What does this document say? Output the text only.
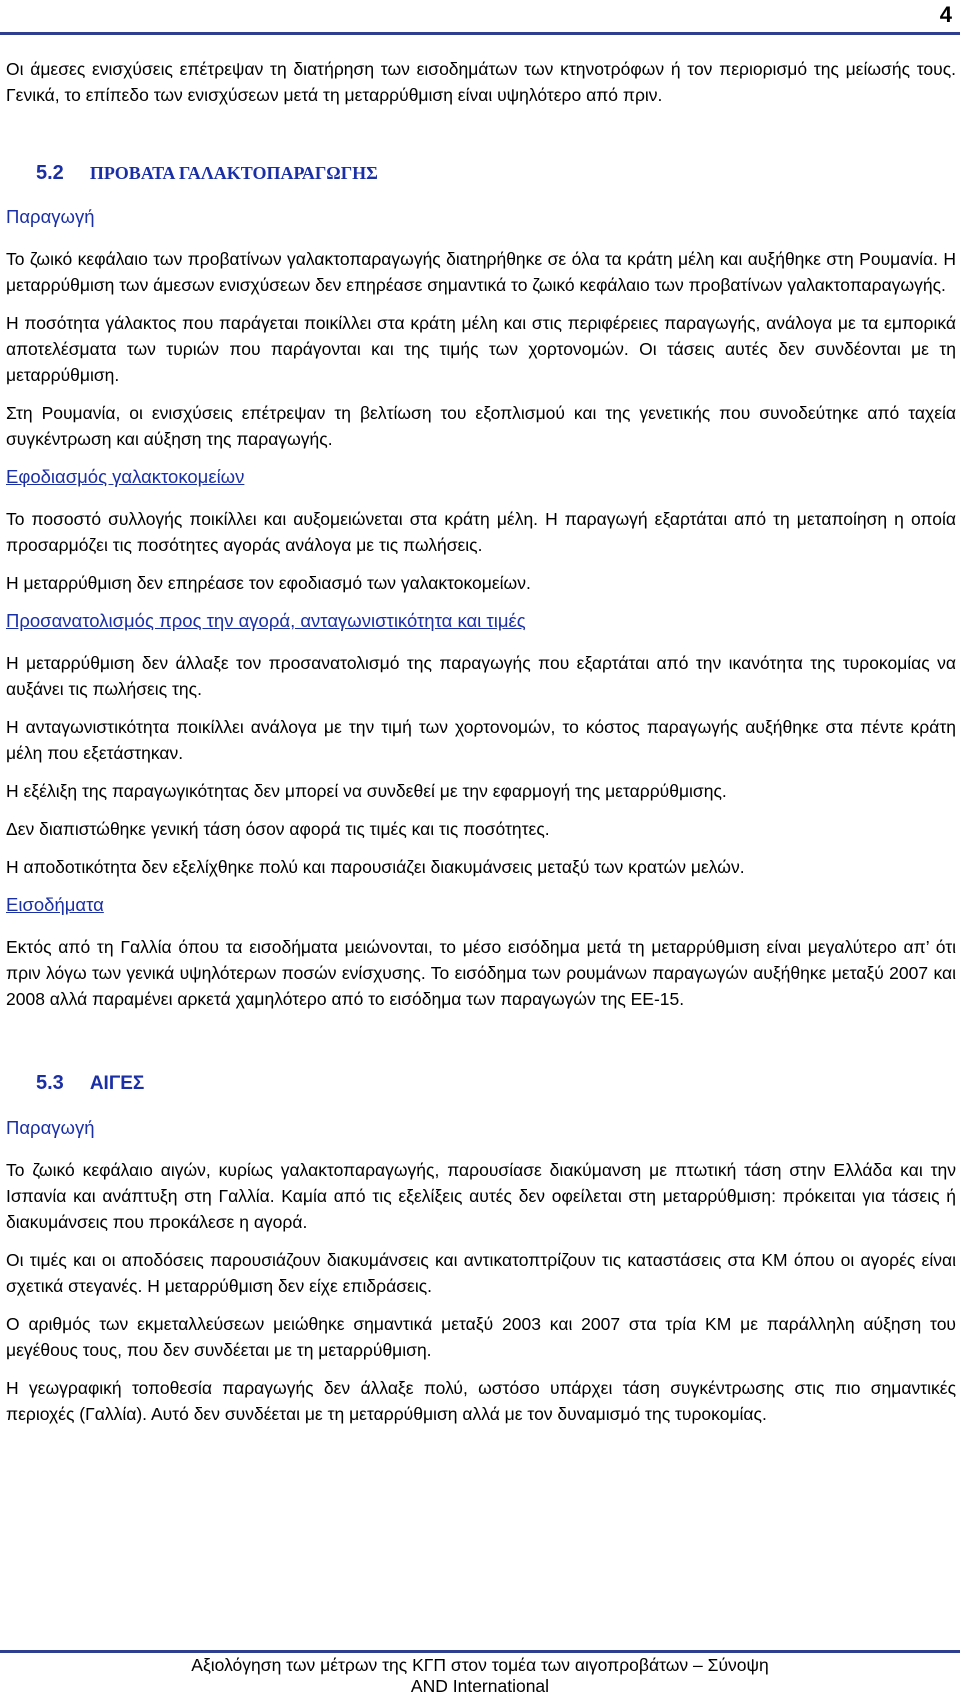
4

Οι άμεσες ενισχύσεις επέτρεψαν τη διατήρηση των εισοδημάτων των κτηνοτρόφων ή τον περιορισμό της μείωσής τους. Γενικά, το επίπεδο των ενισχύσεων μετά τη μεταρρύθμιση είναι υψηλότερο από πριν.

5.2 ΠΡΟΒΑΤΑ ΓΑΛΑΚΤΟΠΑΡΑΓΩΓΗΣ
Παραγωγή

Το ζωικό κεφάλαιο των προβατίνων γαλακτοπαραγωγής διατηρήθηκε σε όλα τα κράτη μέλη και αυξήθηκε στη Ρουμανία. Η μεταρρύθμιση των άμεσων ενισχύσεων δεν επηρέασε σημαντικά το ζωικό κεφάλαιο των προβατίνων γαλακτοπαραγωγής.

Η ποσότητα γάλακτος που παράγεται ποικίλλει στα κράτη μέλη και στις περιφέρειες παραγωγής, ανάλογα με τα εμπορικά αποτελέσματα των τυριών που παράγονται και της τιμής των χορτονομών. Οι τάσεις αυτές δεν συνδέονται με τη μεταρρύθμιση.

Στη Ρουμανία, οι ενισχύσεις επέτρεψαν τη βελτίωση του εξοπλισμού και της γενετικής που συνοδεύτηκε από ταχεία συγκέντρωση και αύξηση της παραγωγής.

Εφοδιασμός γαλακτοκομείων

Το ποσοστό συλλογής ποικίλλει και αυξομειώνεται στα κράτη μέλη. Η παραγωγή εξαρτάται από τη μεταποίηση η οποία προσαρμόζει τις ποσότητες αγοράς ανάλογα με τις πωλήσεις.

Η μεταρρύθμιση δεν επηρέασε τον εφοδιασμό των γαλακτοκομείων.

Προσανατολισμός προς την αγορά, ανταγωνιστικότητα και τιμές

Η μεταρρύθμιση δεν άλλαξε τον προσανατολισμό της παραγωγής που εξαρτάται από την ικανότητα της τυροκομίας να αυξάνει τις πωλήσεις της.

Η ανταγωνιστικότητα ποικίλλει ανάλογα με την τιμή των χορτονομών, το κόστος παραγωγής αυξήθηκε στα πέντε κράτη μέλη που εξετάστηκαν.

Η εξέλιξη της παραγωγικότητας δεν μπορεί να συνδεθεί με την εφαρμογή της μεταρρύθμισης.

Δεν διαπιστώθηκε γενική τάση όσον αφορά τις τιμές και τις ποσότητες.

Η αποδοτικότητα δεν εξελίχθηκε πολύ και παρουσιάζει διακυμάνσεις μεταξύ των κρατών μελών.

Εισοδήματα

Εκτός από τη Γαλλία όπου τα εισοδήματα μειώνονται, το μέσο εισόδημα μετά τη μεταρρύθμιση είναι μεγαλύτερο απ’ ότι πριν λόγω των γενικά υψηλότερων ποσών ενίσχυσης. Το εισόδημα των ρουμάνων παραγωγών αυξήθηκε μεταξύ 2007 και 2008 αλλά παραμένει αρκετά χαμηλότερο από το εισόδημα των παραγωγών της ΕΕ-15.

5.3 ΑΙΓΕΣ
Παραγωγή

Το ζωικό κεφάλαιο αιγών, κυρίως γαλακτοπαραγωγής, παρουσίασε διακύμανση με πτωτική τάση στην Ελλάδα και την Ισπανία και ανάπτυξη στη Γαλλία. Καμία από τις εξελίξεις αυτές δεν οφείλεται στη μεταρρύθμιση: πρόκειται για τάσεις ή διακυμάνσεις που προκάλεσε η αγορά.

Οι τιμές και οι αποδόσεις παρουσιάζουν διακυμάνσεις και αντικατοπτρίζουν τις καταστάσεις στα ΚΜ όπου οι αγορές είναι σχετικά στεγανές. Η μεταρρύθμιση δεν είχε επιδράσεις.

Ο αριθμός των εκμεταλλεύσεων μειώθηκε σημαντικά μεταξύ 2003 και 2007 στα τρία ΚΜ με παράλληλη αύξηση του μεγέθους τους, που δεν συνδέεται με τη μεταρρύθμιση.

Η γεωγραφική τοποθεσία παραγωγής δεν άλλαξε πολύ, ωστόσο υπάρχει τάση συγκέντρωσης στις πιο σημαντικές περιοχές (Γαλλία). Αυτό δεν συνδέεται με τη μεταρρύθμιση αλλά με τον δυναμισμό της τυροκομίας.

Αξιολόγηση των μέτρων της ΚΓΠ στον τομέα των αιγοπροβάτων – Σύνοψη
AND International
